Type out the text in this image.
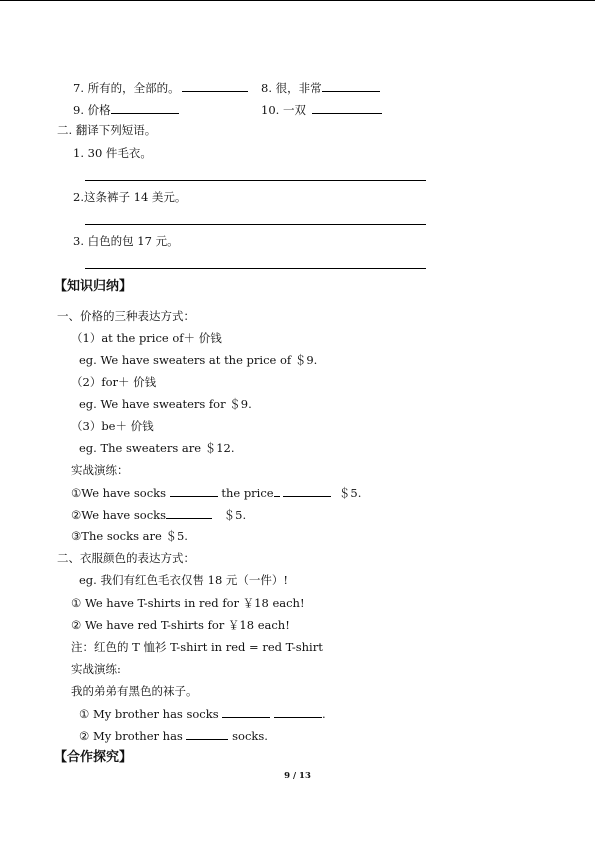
7. 所有的，全部的。	8. 很，非常
9. 价格	10. 一双
二. 翻译下列短语。
1. 30 件毛衣。
2.这条裤子 14 美元。
3. 白色的包 17 元。
【知识归纳】
一、价格的三种表达方式：
（1）at the price of＋ 价钱
eg. We have sweaters at the price of ＄9.
（2）for＋ 价钱
eg. We have sweaters for ＄9.
（3）be＋ 价钱
eg. The sweaters are ＄12.
实战演练：
①We have socks	the price	＄5.
②We have socks	＄5.
③The socks are ＄5.
二、衣服颜色的表达方式：
eg. 我们有红色毛衣仅售 18 元（一件）!
① We have T-shirts in red for ￥18 each!
② We have red T-shirts for ￥18 each!
注：红色的 T 恤衫 T-shirt in red = red T-shirt
实战演练:
我的弟弟有黑色的袜子。
① My brother has socks	.
② My brother has	socks.
【合作探究】
9 / 13
